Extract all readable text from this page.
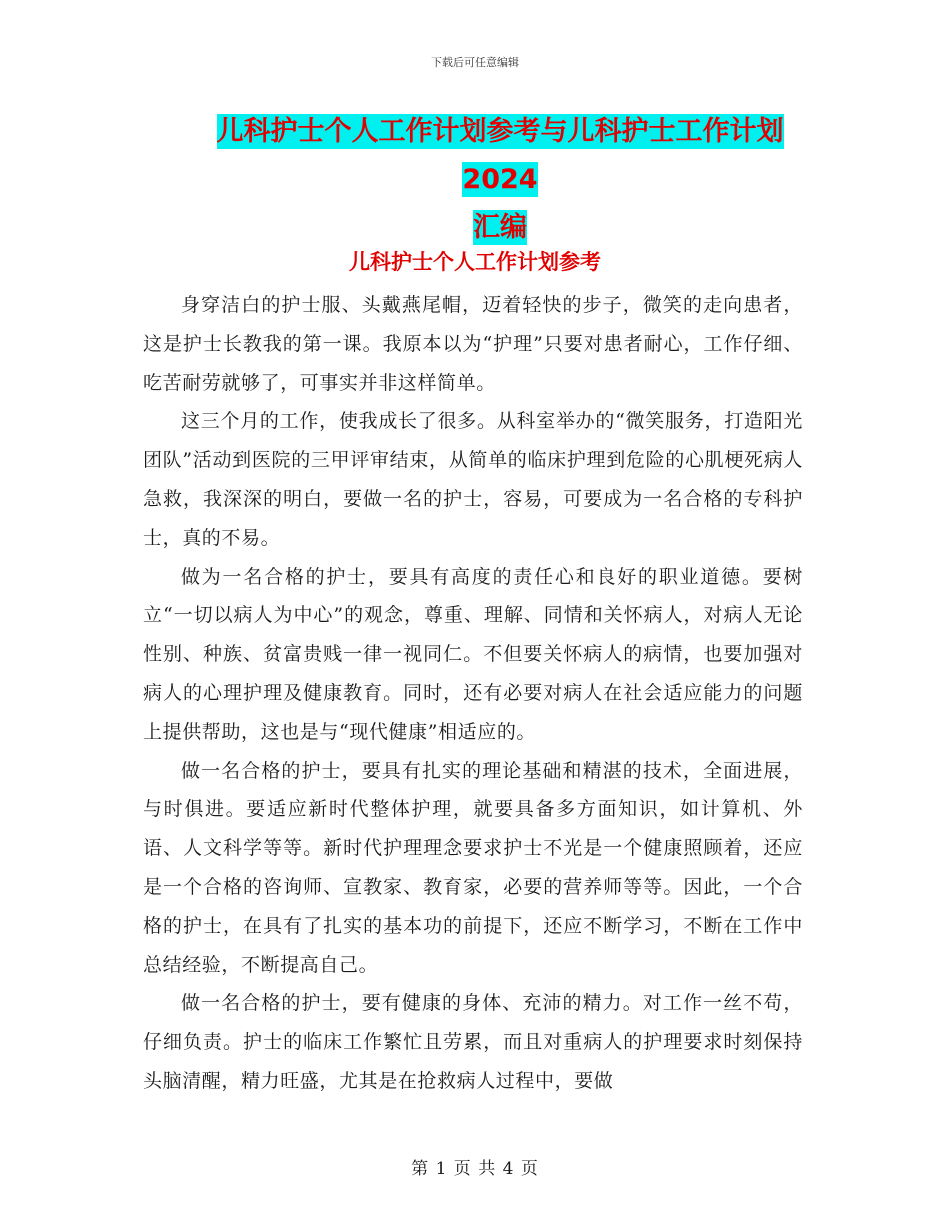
下载后可任意编辑
儿科护士个人工作计划参考与儿科护士工作计划2024
汇编
儿科护士个人工作计划参考

身穿洁白的护士服、头戴燕尾帽，迈着轻快的步子，微笑的走向患者，这是护士长教我的第一课。我原本以为“护理”只要对患者耐心，工作仔细、吃苦耐劳就够了，可事实并非这样简单。

这三个月的工作，使我成长了很多。从科室举办的“微笑服务，打造阳光团队”活动到医院的三甲评审结束，从简单的临床护理到危险的心肌梗死病人急救，我深深的明白，要做一名的护士，容易，可要成为一名合格的专科护士，真的不易。

做为一名合格的护士，要具有高度的责任心和良好的职业道德。要树立“一切以病人为中心”的观念，尊重、理解、同情和关怀病人，对病人无论性别、种族、贫富贵贱一律一视同仁。不但要关怀病人的病情，也要加强对病人的心理护理及健康教育。同时，还有必要对病人在社会适应能力的问题上提供帮助，这也是与“现代健康”相适应的。

做一名合格的护士，要具有扎实的理论基础和精湛的技术，全面进展，与时俱进。要适应新时代整体护理，就要具备多方面知识，如计算机、外语、人文科学等等。新时代护理理念要求护士不光是一个健康照顾着，还应是一个合格的咨询师、宣教家、教育家，必要的营养师等等。因此，一个合格的护士，在具有了扎实的基本功的前提下，还应不断学习，不断在工作中总结经验，不断提高自己。

做一名合格的护士，要有健康的身体、充沛的精力。对工作一丝不苟，仔细负责。护士的临床工作繁忙且劳累，而且对重病人的护理要求时刻保持头脑清醒，精力旺盛，尤其是在抢救病人过程中，要做

第 1 页 共 4 页
